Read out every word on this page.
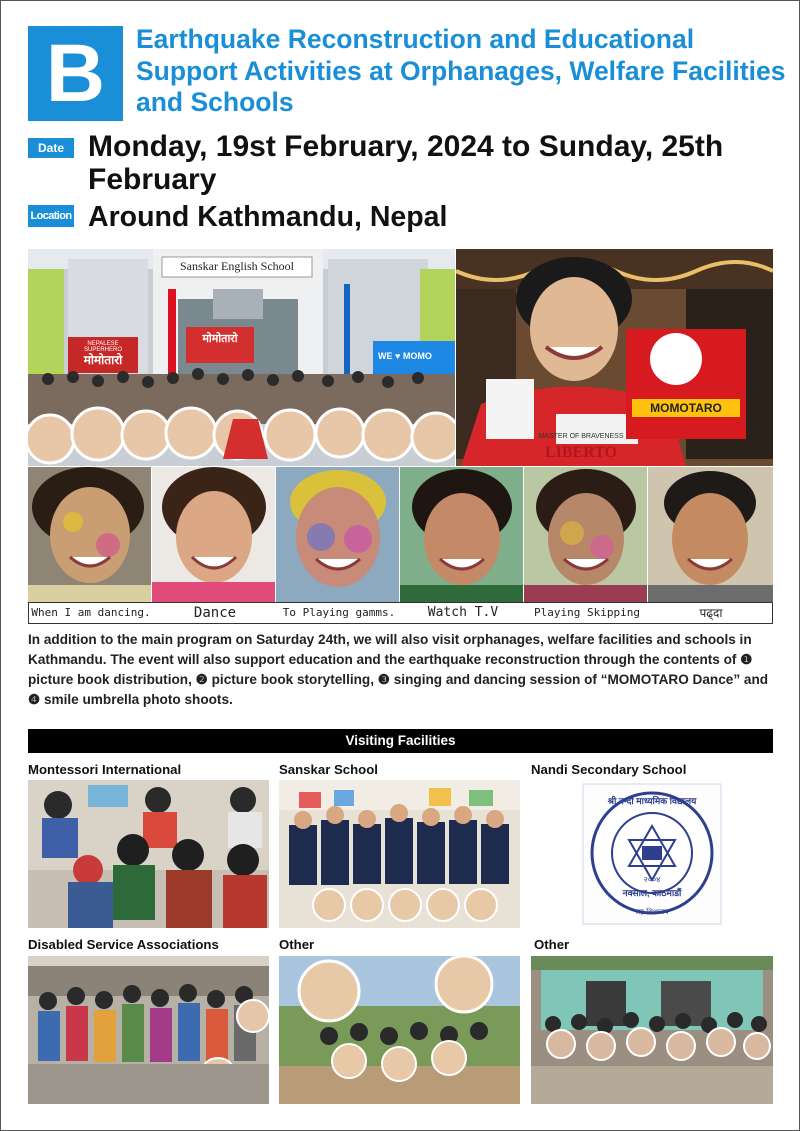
B	Earthquake Reconstruction and Educational Support Activities at Orphanages, Welfare Facilities and Schools
Date Monday, 19st February, 2024 to Sunday, 25th February
Location Around Kathmandu, Nepal
Sanskar English School
NEPALESE SUPERHERO
मोमोतारो
मोमोतारो
WE ♥ MOMO
MOMOTARO
MASTER OF BRAVENESS
LIBERTO
When I am dancing.	Dance	To Playing gamms.	Watch T.V	Playing Skipping	पढ्दा
In addition to the main program on Saturday 24th, we will also visit orphanages, welfare facilities and schools in Kathmandu. The event will also support education and the earthquake reconstruction through the contents of ❶ picture book distribution, ❷ picture book storytelling, ❸ singing and dancing session of “MOMOTARO Dance” and ❹ smile umbrella photo shoots.
Visiting Facilities
Montessori International	Sanskar School	Nandi Secondary School
Disabled Service Associations	Other	Other
श्री नन्दी माध्यमिक विद्यालय
२००४
नक्साल, काठमाडौं
सह-शिक्षालय
